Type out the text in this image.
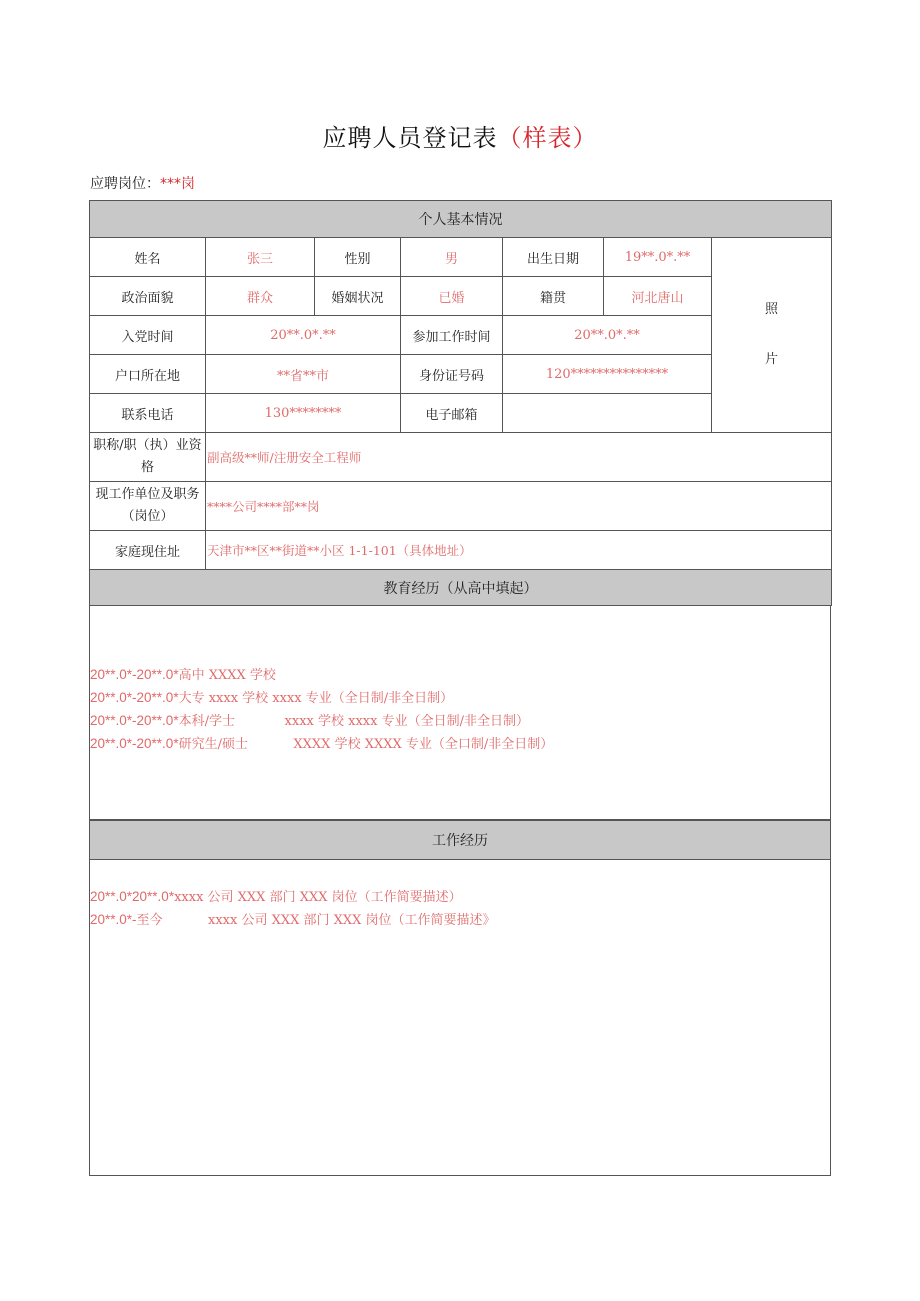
应聘人员登记表（样表）
应聘岗位：***岗
个人基本情况						
姓名	张三	性别	男	出生日期	19**.0*.**	照
片

政治面貌	群众	婚姻状况	已婚	籍贯	河北唐山	
入党时间	20**.0*.**		参加工作时间	20**.0*.**		
户口所在地	**省**市		身份证号码	120***************		
联系电话	130********		电子邮箱			
职称/职（执）业资
格	副高级**师/注册安全工程师					
现工作单位及职务
（岗位）	****公司****部**岗					
家庭现住址	天津市**区**街道**小区 1-1-101（具体地址）					
教育经历（从高中填起）						
20**.0*-20**.0*高中 XXXX 学校
20**.0*-20**.0*大专 xxxx 学校 xxxx 专业（全日制/非全日制）
20**.0*-20**.0*本科/学士            xxxx 学校 xxxx 专业（全日制/非全日制）
20**.0*-20**.0*研究生/硕士           XXXX 学校 XXXX 专业（全口制/非全日制）
工作经历
20**.0*20**.0*xxxx 公司 XXX 部门 XXX 岗位（工作简要描述）
20**.0*-至今           xxxx 公司 XXX 部门 XXX 岗位（工作简要描述》
